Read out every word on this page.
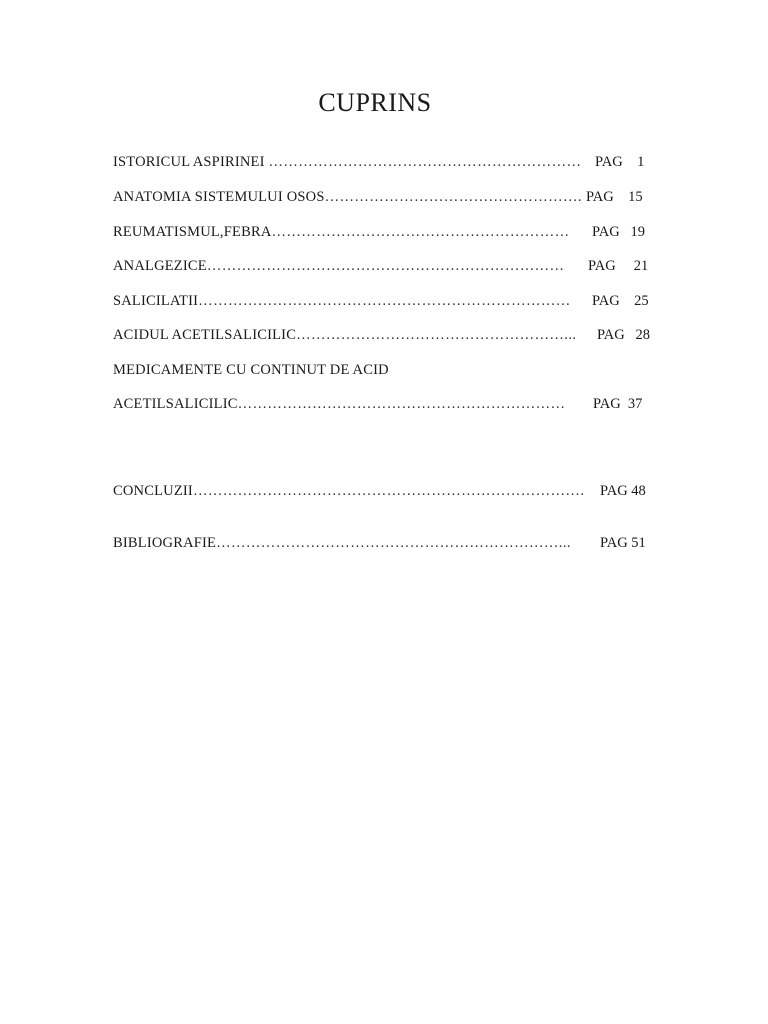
CUPRINS
ISTORICUL ASPIRINEI ……………………………………………………… PAG    1
ANATOMIA SISTEMULUI OSOS……………………………………………. PAG    15
REUMATISMUL,FEBRA…………………………………………………… PAG   19
ANALGEZICE……………………………………………………………… PAG     21
SALICILATII………………………………………………………………… PAG    25
ACIDUL ACETILSALICILIC………………………………………………... PAG   28
MEDICAMENTE CU CONTINUT DE ACID
ACETILSALICILIC………………………………………………………… PAG  37
CONCLUZII……………………………………………………………………. PAG 48
BIBLIOGRAFIE……………………………………………………………... PAG 51
